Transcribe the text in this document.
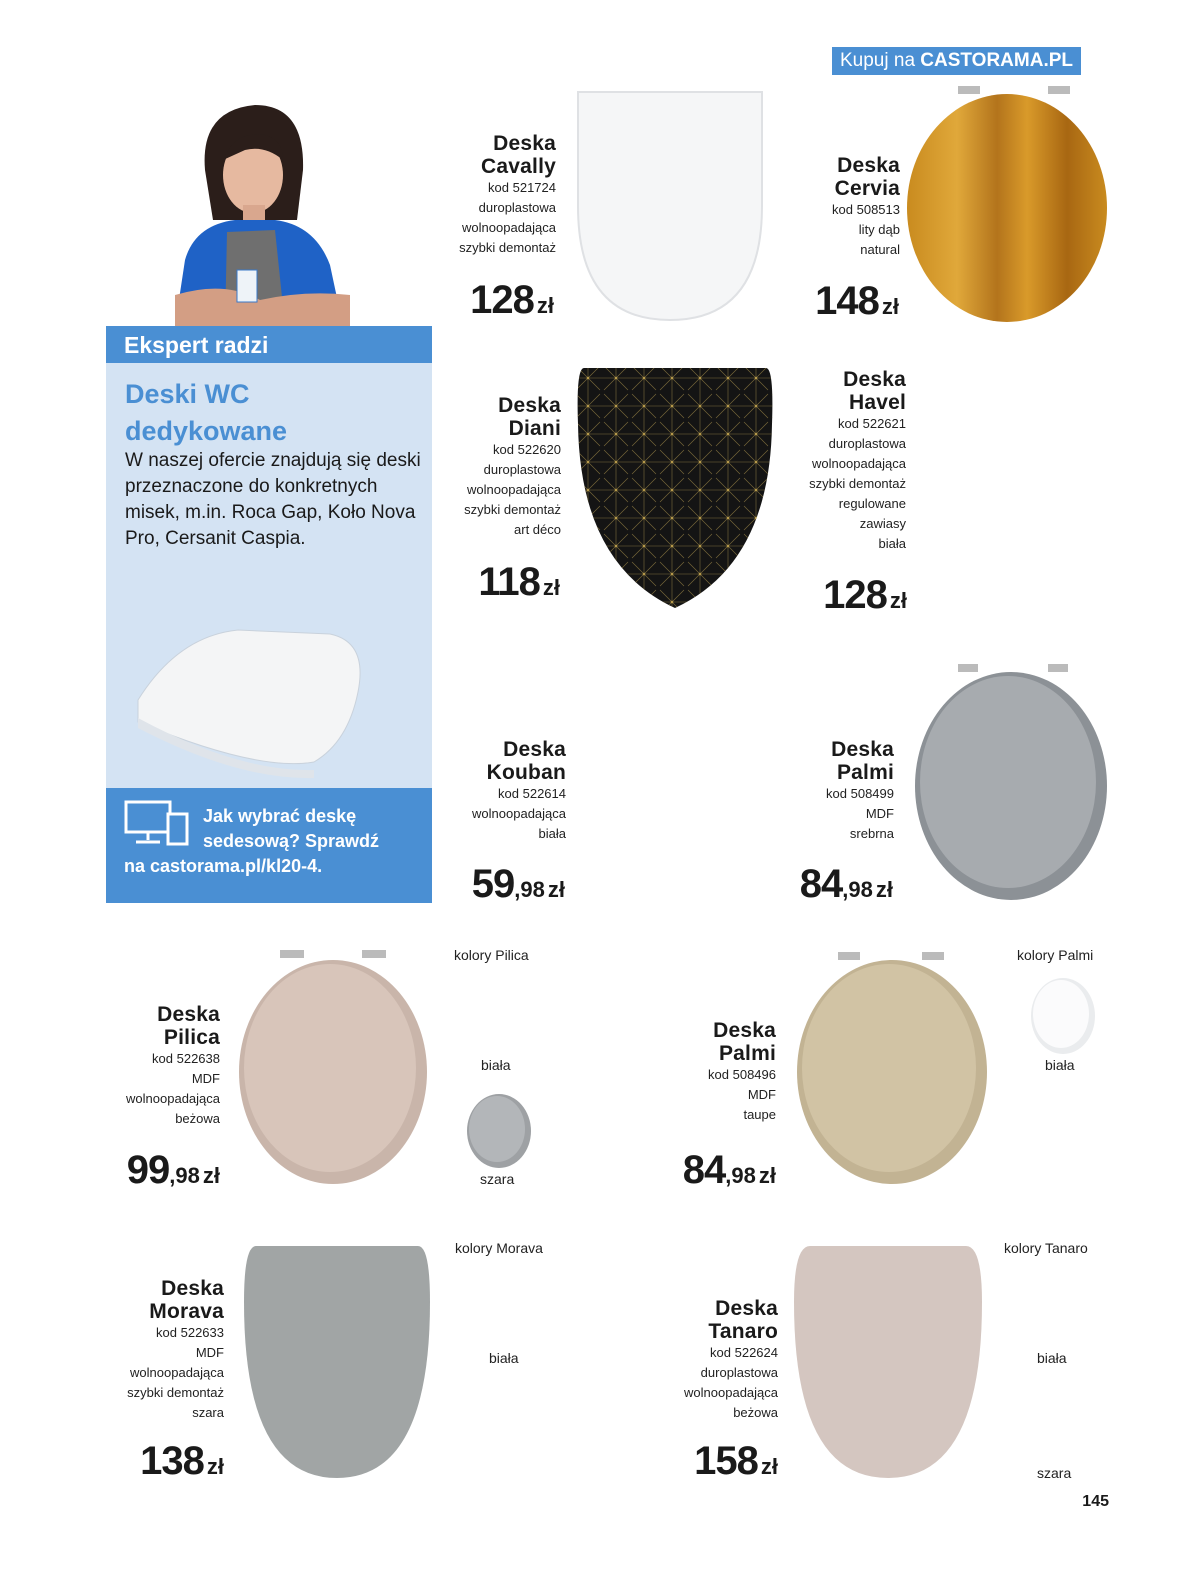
Kupuj na CASTORAMA.PL
Ekspert radzi
Deski WC dedykowane
W naszej ofercie znajdują się deski przeznaczone do konkretnych misek, m.in. Roca Gap, Koło Nova Pro, Cersanit Caspia.
Jak wybrać deskę
sedesową? Sprawdź
na castorama.pl/kl20-4.
Deska
Cavally
kod 521724
duroplastowa
wolnoopadająca
szybki demontaż
128 zł
Deska
Cervia
kod 508513
lity dąb
natural
148 zł
Deska
Diani
kod 522620
duroplastowa
wolnoopadająca
szybki demontaż
art déco
118 zł
Deska
Havel
kod 522621
duroplastowa
wolnoopadająca
szybki demontaż
regulowane
zawiasy
biała
128 zł
Deska
Kouban
kod 522614
wolnoopadająca
biała
59,98 zł
Deska
Palmi
kod 508499
MDF
srebrna
84,98 zł
Deska
Pilica
kod 522638
MDF
wolnoopadająca
beżowa
99,98 zł
kolory Pilica
biała
szara
Deska
Palmi
kod 508496
MDF
taupe
84,98 zł
kolory Palmi
biała
Deska
Morava
kod 522633
MDF
wolnoopadająca
szybki demontaż
szara
138 zł
kolory Morava
biała
Deska
Tanaro
kod 522624
duroplastowa
wolnoopadająca
beżowa
158 zł
kolory Tanaro
biała
szara
145
